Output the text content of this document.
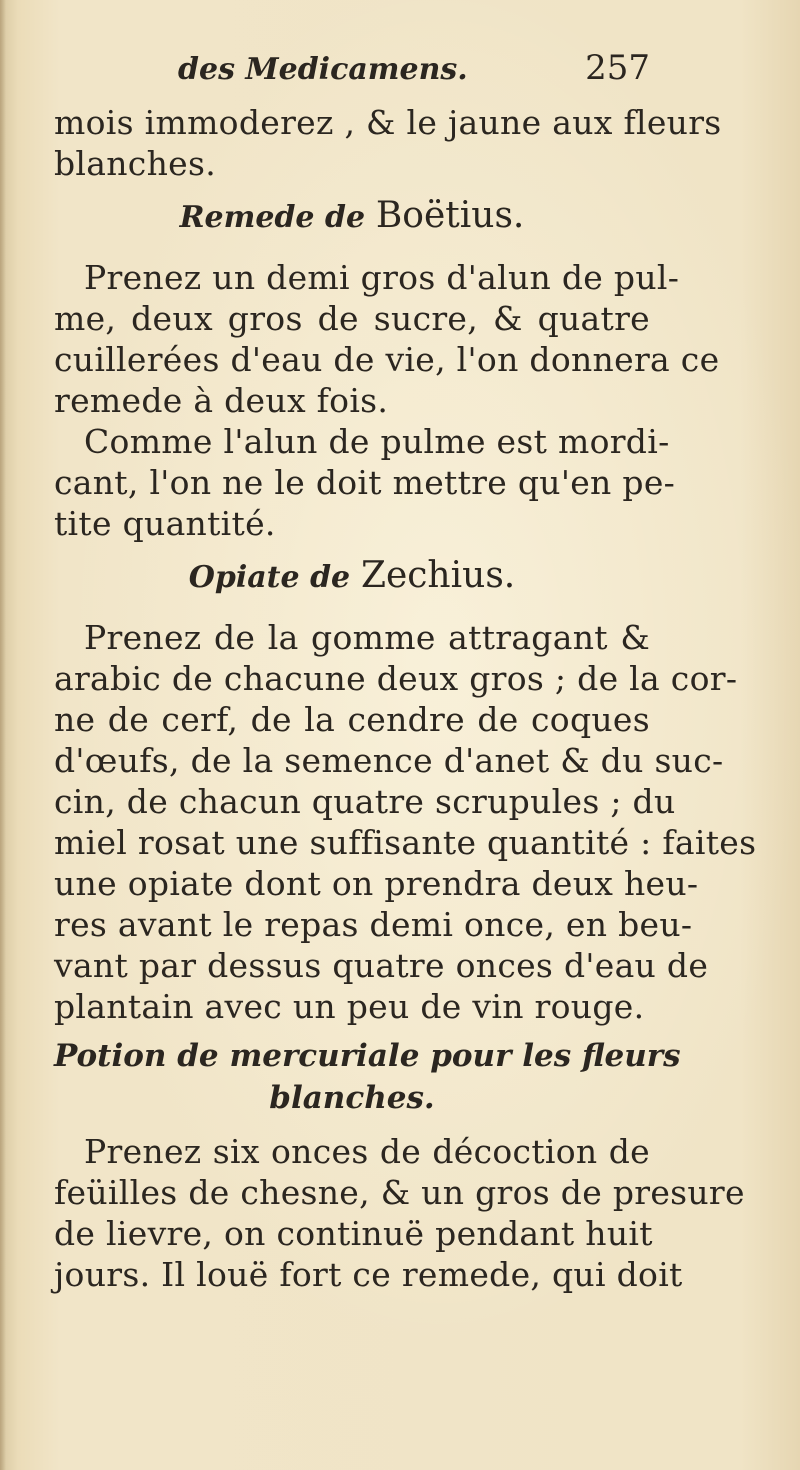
des Medicamens.	257
mois immoderez , & le jaune aux fleurs
blanches.
Remede de Boëtius.
Prenez un demi gros d'alun de pul-
me, deux gros de sucre, & quatre
cuillerées d'eau de vie, l'on donnera ce
remede à deux fois.
Comme l'alun de pulme est mordi-
cant, l'on ne le doit mettre qu'en pe-
tite quantité.
Opiate de Zechius.
Prenez de la gomme attragant &
arabic de chacune deux gros ; de la cor-
ne de cerf, de la cendre de coques
d'œufs, de la semence d'anet & du suc-
cin, de chacun quatre scrupules ; du
miel rosat une suffisante quantité : faites
une opiate dont on prendra deux heu-
res avant le repas demi once, en beu-
vant par dessus quatre onces d'eau de
plantain avec un peu de vin rouge.
Potion de mercuriale pour les fleurs
blanches.
Prenez six onces de décoction de
feüilles de chesne, & un gros de presure
de lievre, on continuë pendant huit
jours. Il louë fort ce remede, qui doit
